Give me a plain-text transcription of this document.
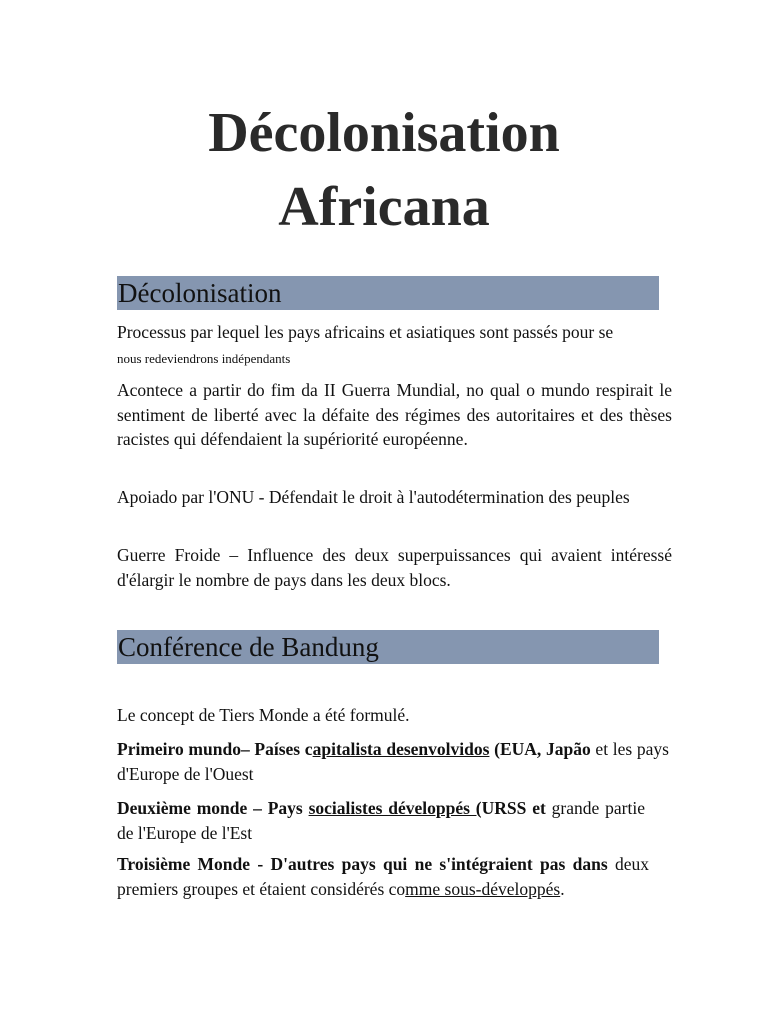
Décolonisation
Africana
Décolonisation

Processus par lequel les pays africains et asiatiques sont passés pour se
nous redeviendrons indépendants

Acontece a partir do fim da II Guerra Mundial, no qual o mundo respirait le sentiment de liberté avec la défaite des régimes des autoritaires et des thèses racistes qui défendaient la supériorité européenne.

Apoiado par l'ONU - Défendait le droit à l'autodétermination des peuples

Guerre Froide – Influence des deux superpuissances qui avaient intéressé d'élargir le nombre de pays dans les deux blocs.

Conférence de Bandung

Le concept de Tiers Monde a été formulé.

Primeiro mundo– Países capitalista desenvolvidos (EUA, Japão et les pays d'Europe de l'Ouest

Deuxième monde – Pays socialistes développés (URSS et grande partie de l'Europe de l'Est

Troisième Monde - D'autres pays qui ne s'intégraient pas dans deux premiers groupes et étaient considérés comme sous-développés.
